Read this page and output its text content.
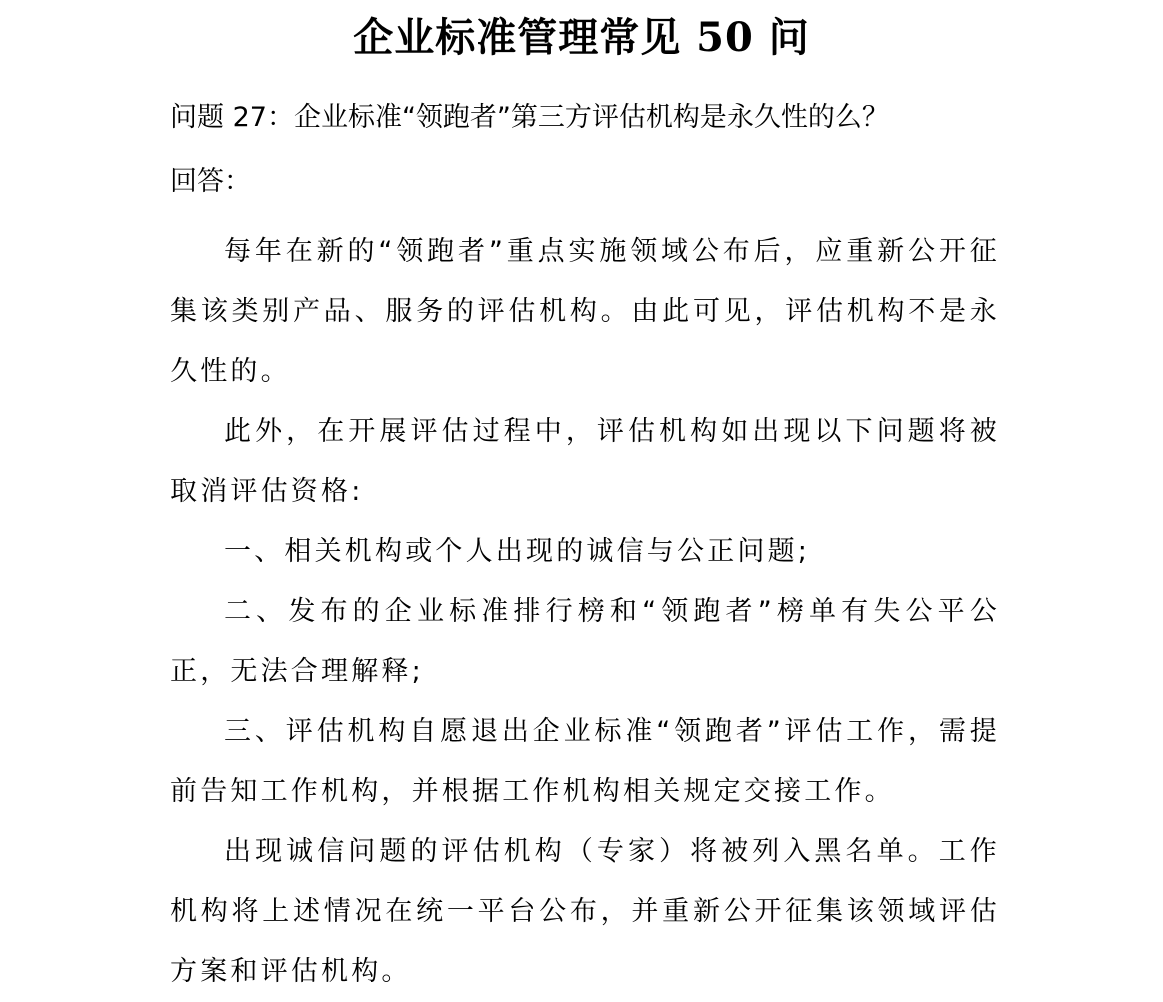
企业标准管理常见 50 问

问题 27：企业标准“领跑者”第三方评估机构是永久性的么？

回答：

每年在新的“领跑者”重点实施领域公布后，应重新公开征集该类别产品、服务的评估机构。由此可见，评估机构不是永久性的。

此外，在开展评估过程中，评估机构如出现以下问题将被取消评估资格:

一、相关机构或个人出现的诚信与公正问题;

二、发布的企业标准排行榜和“领跑者”榜单有失公平公正，无法合理解释;

三、评估机构自愿退出企业标准“领跑者”评估工作，需提前告知工作机构，并根据工作机构相关规定交接工作。

出现诚信问题的评估机构（专家）将被列入黑名单。工作机构将上述情况在统一平台公布，并重新公开征集该领域评估方案和评估机构。
